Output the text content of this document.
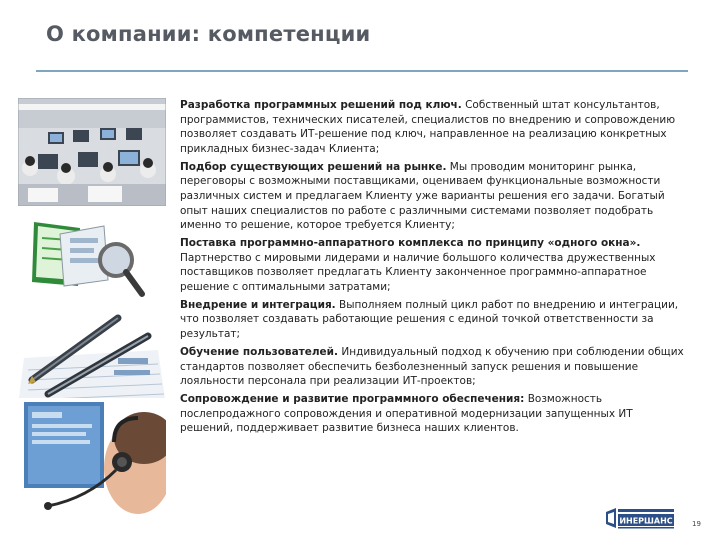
О компании: компетенции

Разработка программных решений под ключ. Собственный штат консультантов, программистов, технических писателей, специалистов по внедрению и сопровождению позволяет создавать ИТ-решение под ключ, направленное на реализацию конкретных прикладных бизнес-задач Клиента;

Подбор существующих решений на рынке. Мы проводим мониторинг рынка, переговоры с возможными поставщиками, оцениваем функциональные возможности различных систем и предлагаем Клиенту уже варианты решения его задачи. Богатый опыт наших специалистов по работе с различными системами позволяет подобрать именно то решение, которое требуется Клиенту;

Поставка программно-аппаратного комплекса по принципу «одного окна». Партнерство с мировыми лидерами и наличие большого количества дружественных поставщиков позволяет предлагать Клиенту законченное программно-аппаратное решение с оптимальными затратами;

Внедрение и интеграция. Выполняем полный цикл работ по внедрению и интеграции, что позволяет создавать работающие решения с единой точкой ответственности за результат;

Обучение пользователей. Индивидуальный подход к обучению при соблюдении общих стандартов позволяет обеспечить безболезненный запуск решения и повышение лояльности персонала при реализации ИТ-проектов;

Сопровождение и развитие программного обеспечения: Возможность послепродажного сопровождения и оперативной модернизации запущенных ИТ решений, поддерживает развитие бизнеса наших клиентов.

ИНЕРШАНС	19
